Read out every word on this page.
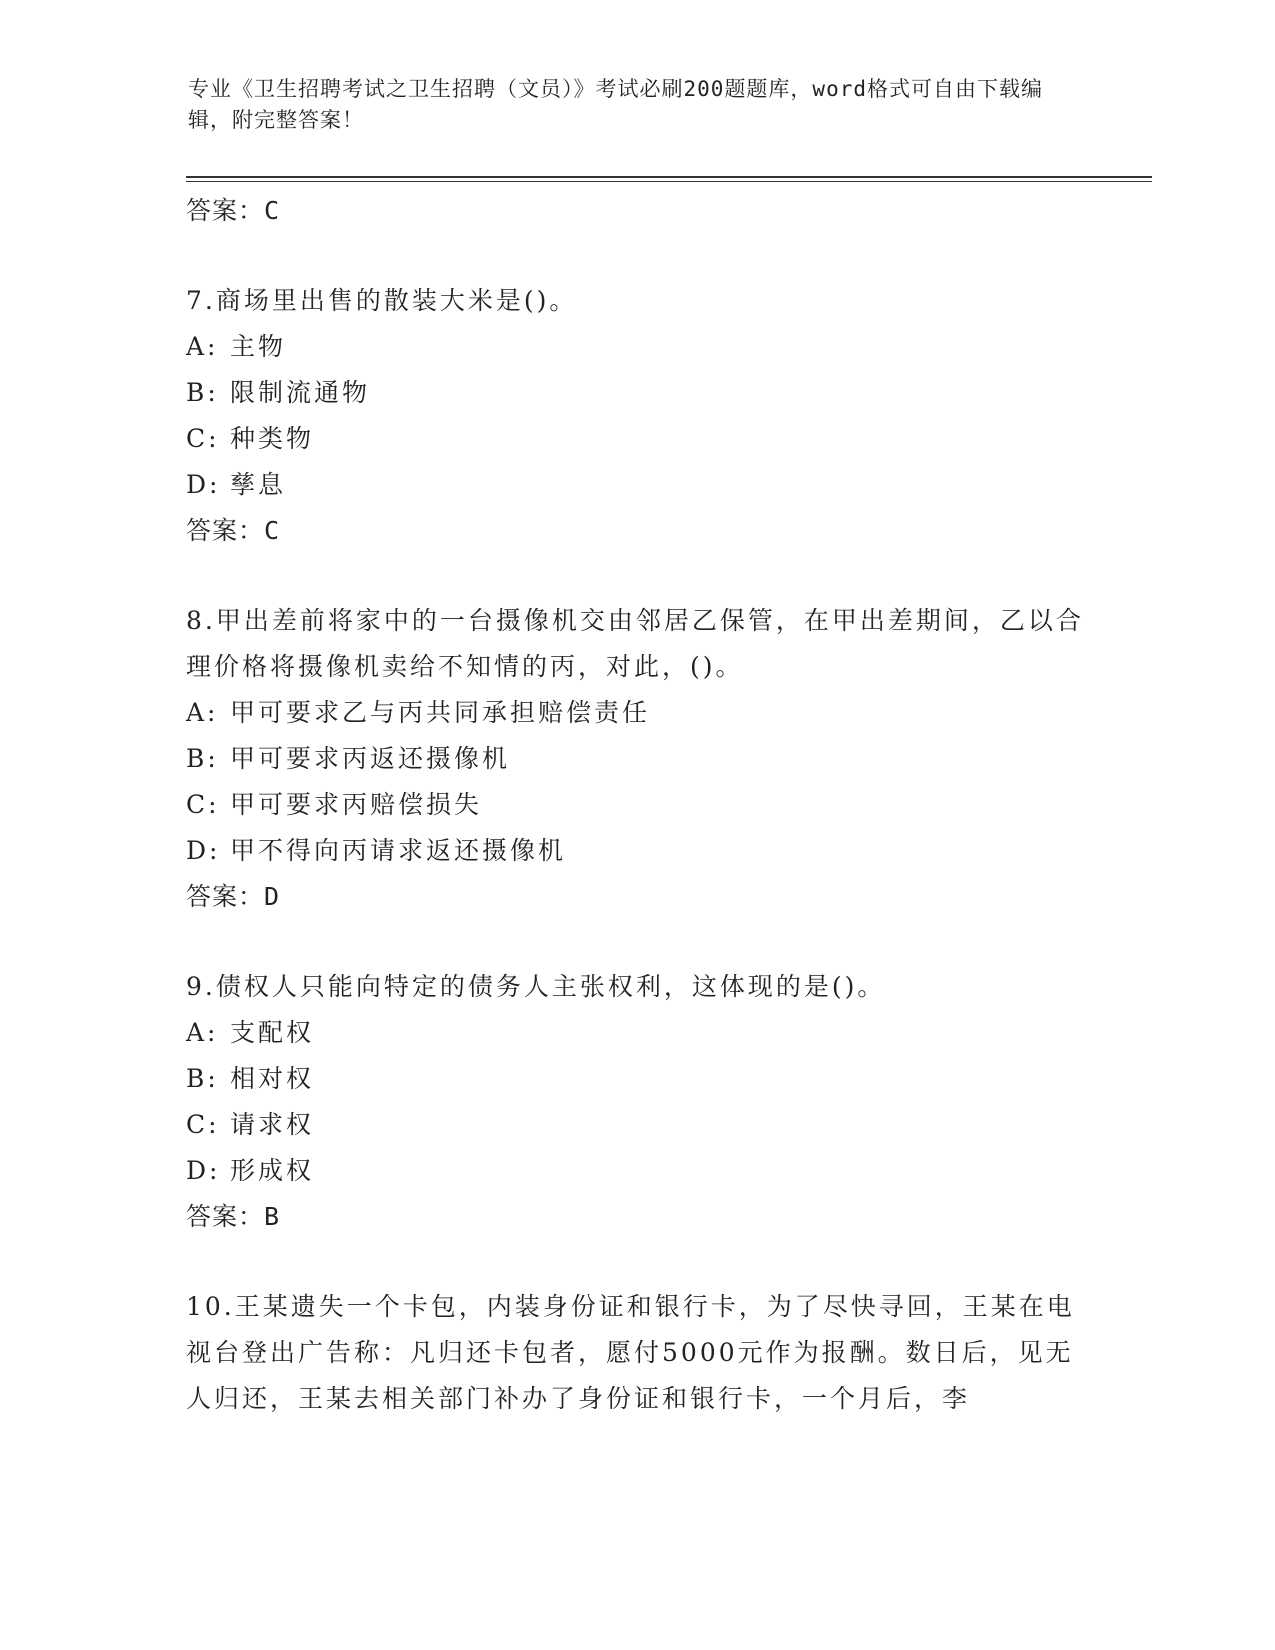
专业《卫生招聘考试之卫生招聘（文员）》考试必刷200题题库，word格式可自由下载编辑，附完整答案！
答案：C
7.商场里出售的散装大米是()。
A: 主物
B: 限制流通物
C: 种类物
D: 孳息
答案：C
8.甲出差前将家中的一台摄像机交由邻居乙保管，在甲出差期间，乙以合理价格将摄像机卖给不知情的丙，对此，()。
A: 甲可要求乙与丙共同承担赔偿责任
B: 甲可要求丙返还摄像机
C: 甲可要求丙赔偿损失
D: 甲不得向丙请求返还摄像机
答案：D
9.债权人只能向特定的债务人主张权利，这体现的是()。
A: 支配权
B: 相对权
C: 请求权
D: 形成权
答案：B
10.王某遗失一个卡包，内装身份证和银行卡，为了尽快寻回，王某在电视台登出广告称：凡归还卡包者，愿付5000元作为报酬。数日后，见无人归还，王某去相关部门补办了身份证和银行卡，一个月后，李
